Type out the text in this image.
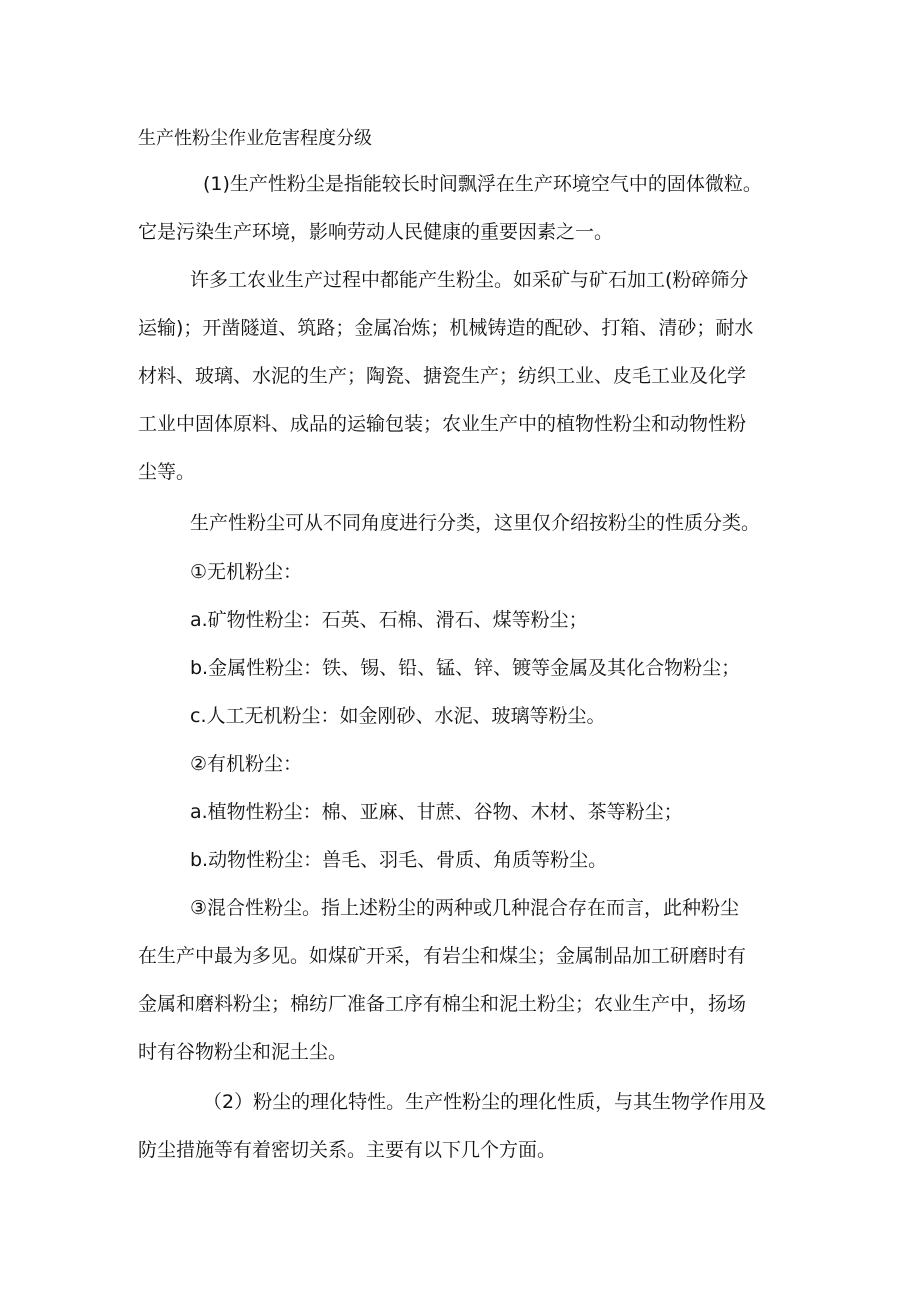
生产性粉尘作业危害程度分级
(1)生产性粉尘是指能较长时间飘浮在生产环境空气中的固体微粒。
它是污染生产环境，影响劳动人民健康的重要因素之一。
许多工农业生产过程中都能产生粉尘。如采矿与矿石加工(粉碎筛分
运输)；开凿隧道、筑路；金属冶炼；机械铸造的配砂、打箱、清砂；耐水
材料、玻璃、水泥的生产；陶瓷、搪瓷生产；纺织工业、皮毛工业及化学
工业中固体原料、成品的运输包装；农业生产中的植物性粉尘和动物性粉
尘等。
生产性粉尘可从不同角度进行分类，这里仅介绍按粉尘的性质分类。
①无机粉尘：
a.矿物性粉尘：石英、石棉、滑石、煤等粉尘；
b.金属性粉尘：铁、锡、铅、锰、锌、镀等金属及其化合物粉尘；
c.人工无机粉尘：如金刚砂、水泥、玻璃等粉尘。
②有机粉尘：
a.植物性粉尘：棉、亚麻、甘蔗、谷物、木材、茶等粉尘；
b.动物性粉尘：兽毛、羽毛、骨质、角质等粉尘。
③混合性粉尘。指上述粉尘的两种或几种混合存在而言，此种粉尘
在生产中最为多见。如煤矿开采，有岩尘和煤尘；金属制品加工研磨时有
金属和磨料粉尘；棉纺厂准备工序有棉尘和泥土粉尘；农业生产中，扬场
时有谷物粉尘和泥土尘。
（2）粉尘的理化特性。生产性粉尘的理化性质，与其生物学作用及
防尘措施等有着密切关系。主要有以下几个方面。
